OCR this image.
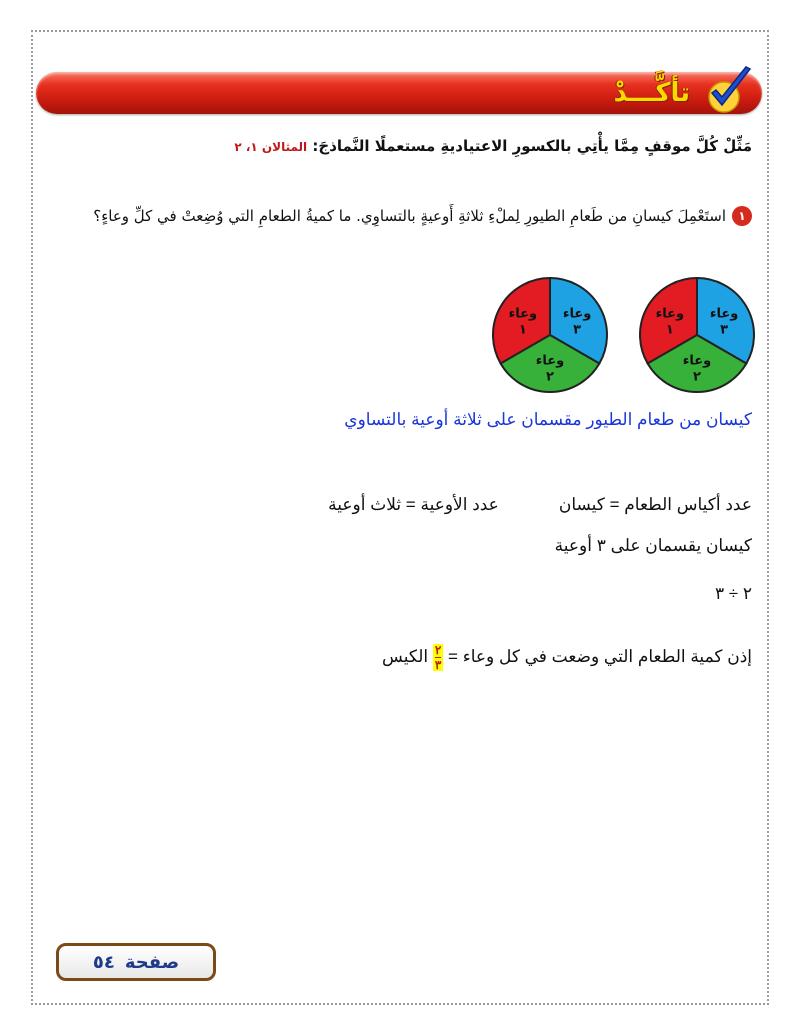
تأكَّـــدْ
مَثِّلْ كُلَّ موقفٍ مِمَّا يأْتِي بالكسورِ الاعتياديةِ مستعملًا النَّماذجَ: المثالان ١، ٢
١
استَعْمِلَ كيسانِ من طَعامِ الطيورِ لِملْءِ ثلاثةِ أَوعيةٍ بالتساوِي. ما كميةُ الطعامِ التي وُضِعتْ في كلِّ وعاءٍ؟
وعاء
٣
وعاء
١
وعاء
٢
وعاء
٣
وعاء
١
وعاء
٢
كيسان من طعام الطيور مقسمان على ثلاثة أوعية بالتساوي
عدد أكياس الطعام = كيسان
عدد الأوعية = ثلاث أوعية
كيسان يقسمان على ٣ أوعية
٢ ÷ ٣
إذن كمية الطعام التي وضعت في كل وعاء = $\frac{٢}{٣}$ الكيس
صفحة
٥٤
